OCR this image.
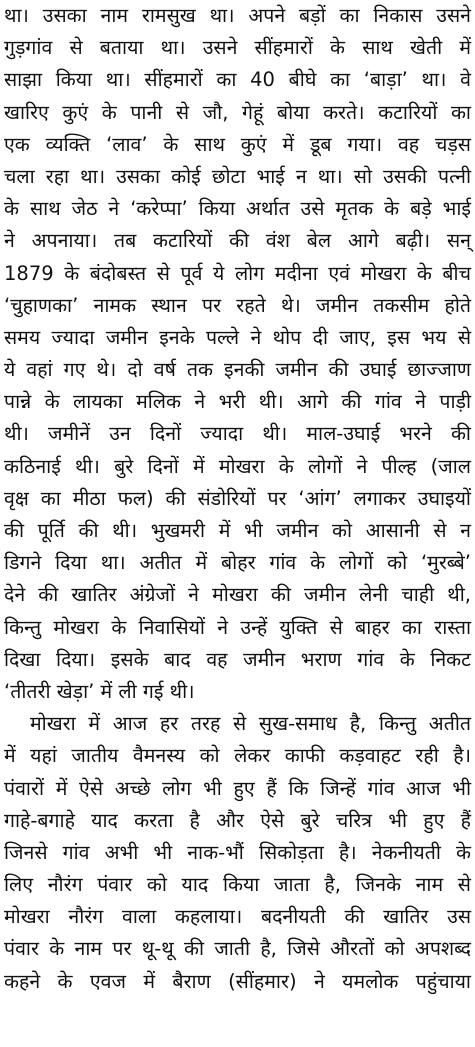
था। उसका नाम रामसुख था। अपने बड़ों का निकास उसने
गुड़गांव से बताया था। उसने सींहमारों के साथ खेती में
साझा किया था। सींहमारों का 40 बीघे का ‘बाड़ा’ था। वे
खारिए कुएं के पानी से जौ, गेहूं बोया करते। कटारियों का
एक व्यक्ति ‘लाव’ के साथ कुएं में डूब गया। वह चड़स
चला रहा था। उसका कोई छोटा भाई न था। सो उसकी पत्नी
के साथ जेठ ने ‘करेप्पा’ किया अर्थात उसे मृतक के बड़े भाई
ने अपनाया। तब कटारियों की वंश बेल आगे बढ़ी। सन्
1879 के बंदोबस्त से पूर्व ये लोग मदीना एवं मोखरा के बीच
‘चुहाणका’ नामक स्थान पर रहते थे। जमीन तकसीम होते
समय ज्यादा जमीन इनके पल्ले ने थोप दी जाए, इस भय से
ये वहां गए थे। दो वर्ष तक इनकी जमीन की उघाई छाज्जाण
पान्ने के लायका मलिक ने भरी थी। आगे की गांव ने पाड़ी
थी। जमीनें उन दिनों ज्यादा थी। माल-उघाई भरने की
कठिनाई थी। बुरे दिनों में मोखरा के लोगों ने पील्ह (जाल
वृक्ष का मीठा फल) की संडोरियों पर ‘आंग’ लगाकर उघाइयों
की पूर्ति की थी। भुखमरी में भी जमीन को आसानी से न
डिगने दिया था। अतीत में बोहर गांव के लोगों को ‘मुरब्बे’
देने की खातिर अंग्रेजों ने मोखरा की जमीन लेनी चाही थी,
किन्तु मोखरा के निवासियों ने उन्हें युक्ति से बाहर का रास्ता
दिखा दिया। इसके बाद वह जमीन भराण गांव के निकट
‘तीतरी खेड़ा’ में ली गई थी।
मोखरा में आज हर तरह से सुख-समाध है, किन्तु अतीत
में यहां जातीय वैमनस्य को लेकर काफी कड़वाहट रही है।
पंवारों में ऐसे अच्छे लोग भी हुए हैं कि जिन्हें गांव आज भी
गाहे-बगाहे याद करता है और ऐसे बुरे चरित्र भी हुए हैं
जिनसे गांव अभी भी नाक-भौं सिकोड़ता है। नेकनीयती के
लिए नौरंग पंवार को याद किया जाता है, जिनके नाम से
मोखरा नौरंग वाला कहलाया। बदनीयती की खातिर उस
पंवार के नाम पर थू-थू की जाती है, जिसे औरतों को अपशब्द
कहने के एवज में बैराण (सींहमार) ने यमलोक पहुंचाया
